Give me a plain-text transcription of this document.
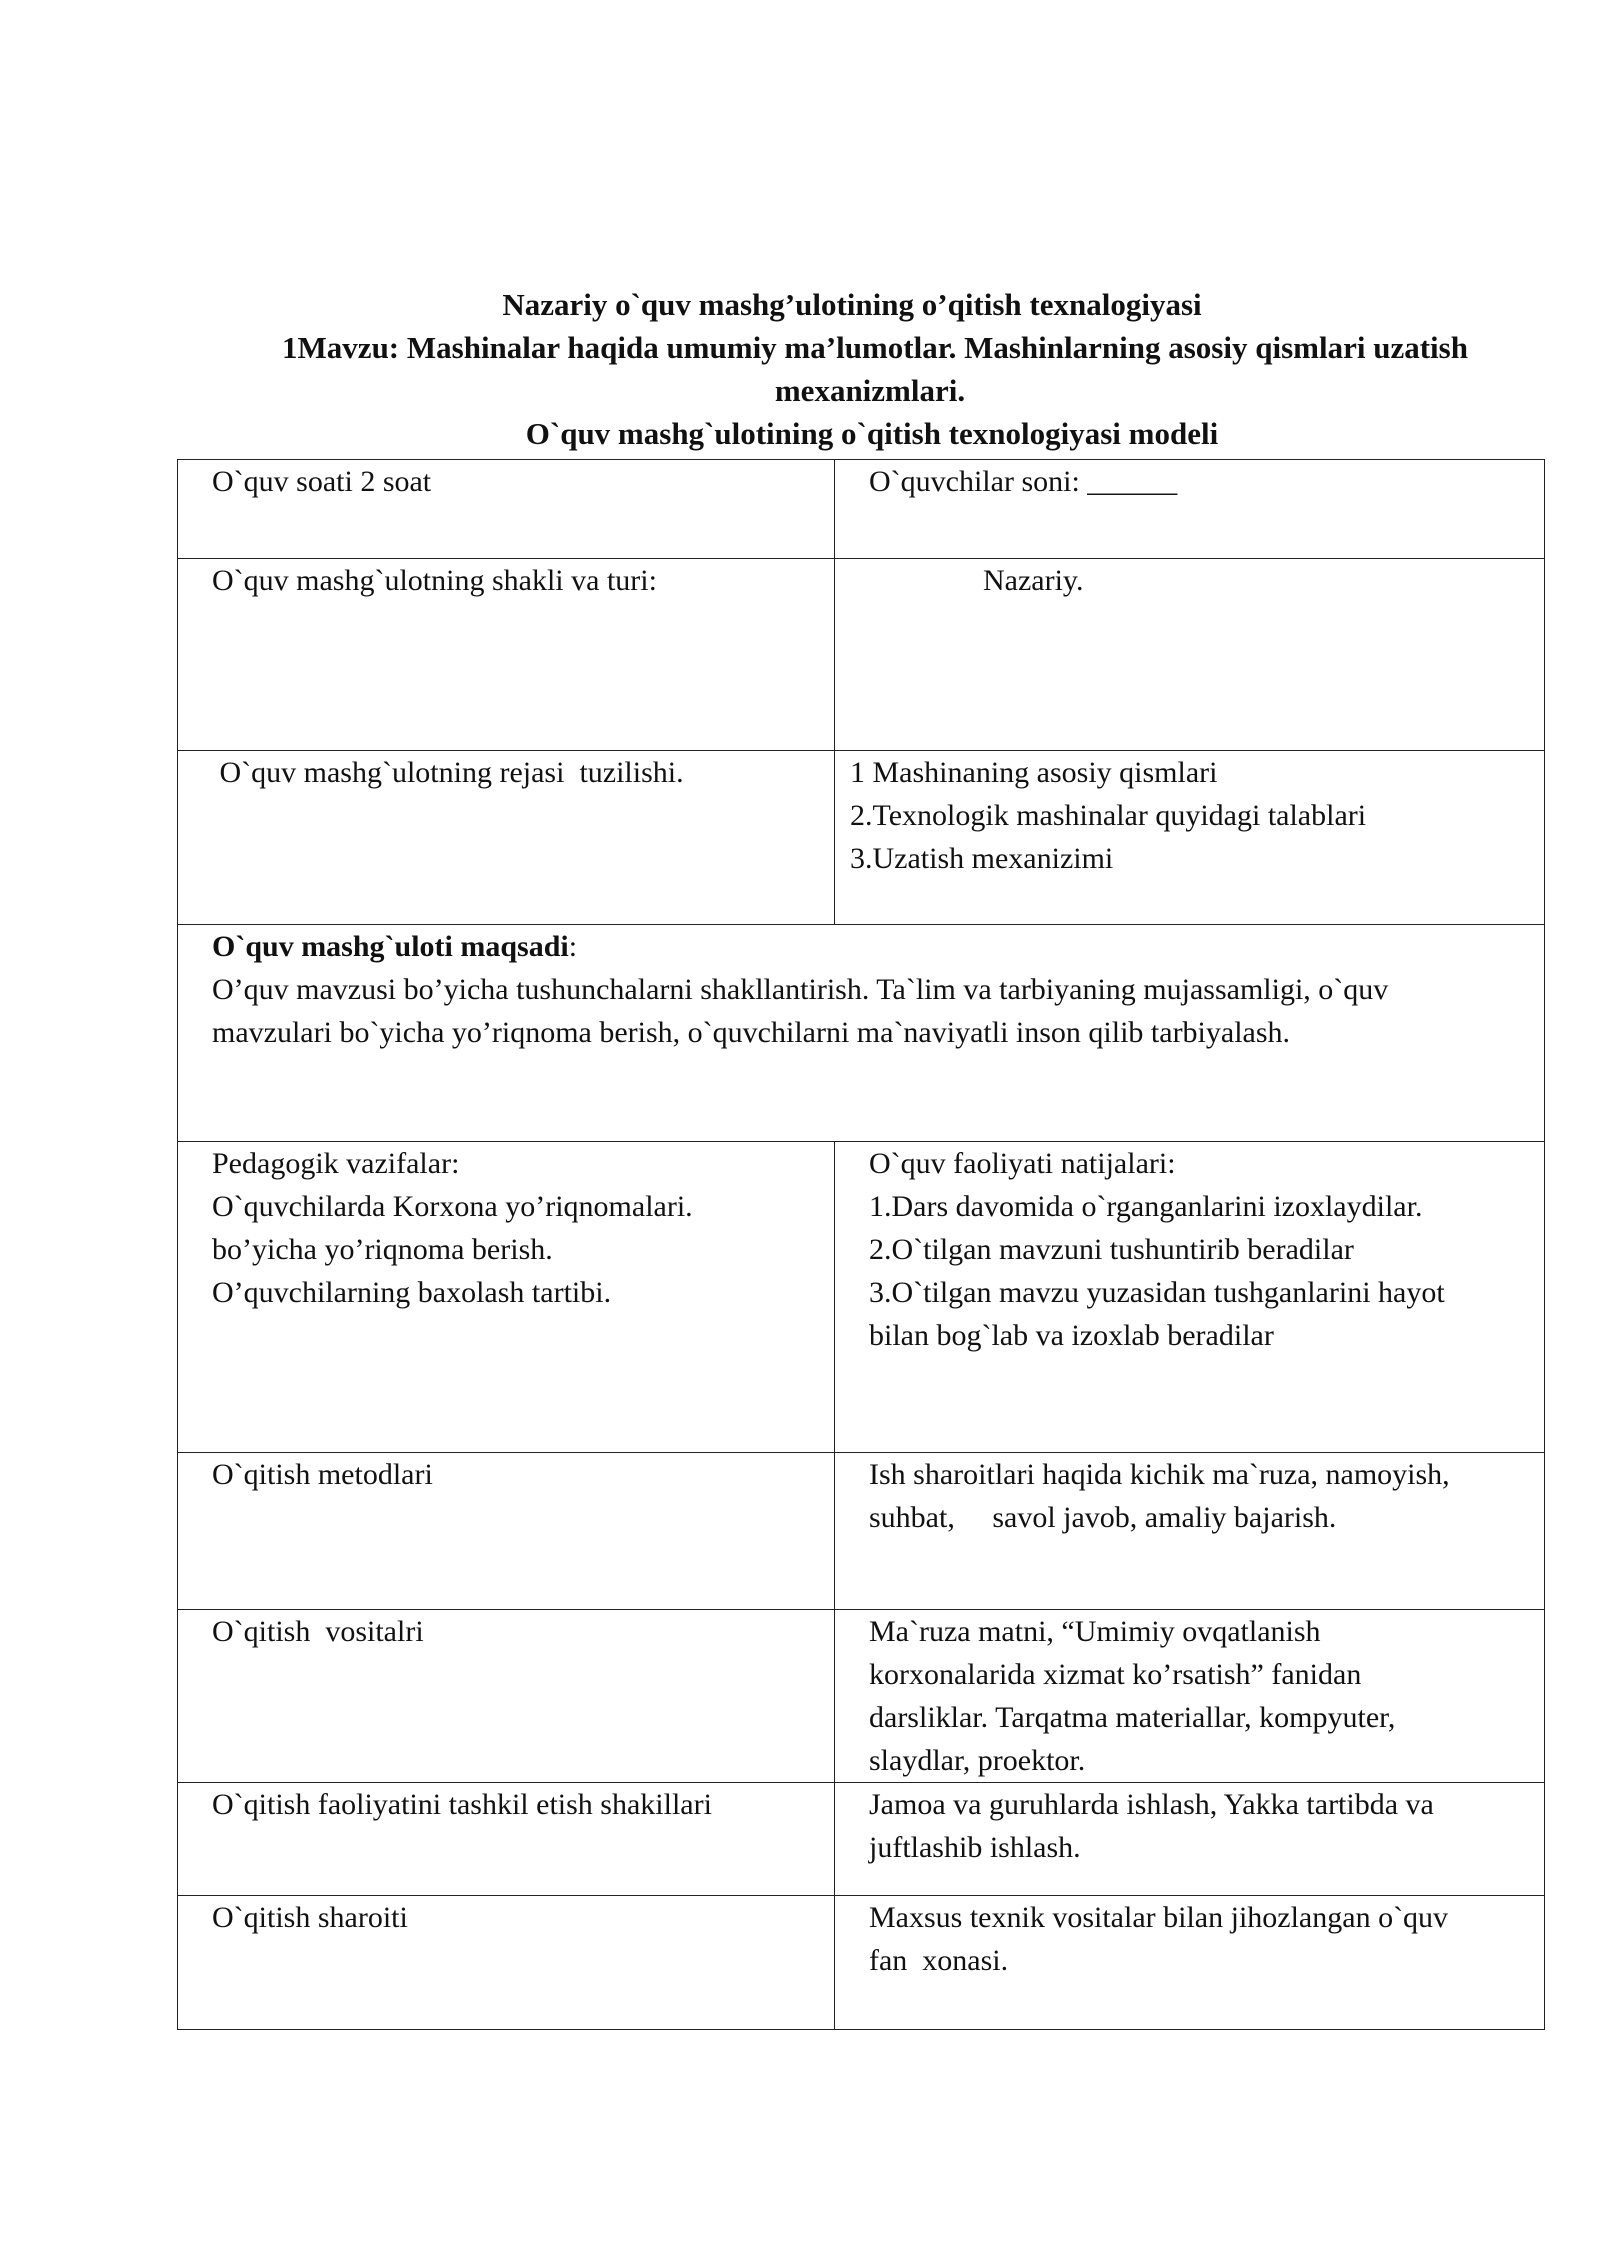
Nazariy o`quv mashg’ulotining o’qitish texnalogiyasi
1Mavzu: Mashinalar haqida umumiy ma’lumotlar. Mashinlarning asosiy qismlari uzatish
mexanizmlari.
O`quv mashg`ulotining o`qitish texnologiyasi modeli
O`quv soati 2 soat	O`quvchilar soni: ______

O`quv mashg`ulotning shakli va turi:	Nazariy.

O`quv mashg`ulotning rejasi  tuzilishi.	1 Mashinaning asosiy qismlari
2.Texnologik mashinalar quyidagi talablari
3.Uzatish mexanizimi

O`quv mashg`uloti maqsadi:
O’quv mavzusi bo’yicha tushunchalarni shakllantirish. Ta`lim va tarbiyaning mujassamligi, o`quv
mavzulari bo`yicha yo’riqnoma berish, o`quvchilarni ma`naviyatli inson qilib tarbiyalash.	

Pedagogik vazifalar:
O`quvchilarda Korxona yo’riqnomalari.
bo’yicha yo’riqnoma berish.
O’quvchilarning baxolash tartibi.	O`quv faoliyati natijalari:
1.Dars davomida o`rganganlarini izoxlaydilar.
2.O`tilgan mavzuni tushuntirib beradilar
3.O`tilgan mavzu yuzasidan tushganlarini hayot
bilan bog`lab va izoxlab beradilar

O`qitish metodlari	Ish sharoitlari haqida kichik ma`ruza, namoyish,
suhbat,     savol javob, amaliy bajarish.

O`qitish  vositalri	Ma`ruza matni, “Umimiy ovqatlanish
korxonalarida xizmat ko’rsatish” fanidan
darsliklar. Tarqatma materiallar, kompyuter,
slaydlar, proektor.

O`qitish faoliyatini tashkil etish shakillari	Jamoa va guruhlarda ishlash, Yakka tartibda va
juftlashib ishlash.

O`qitish sharoiti	Maxsus texnik vositalar bilan jihozlangan o`quv
fan  xonasi.
